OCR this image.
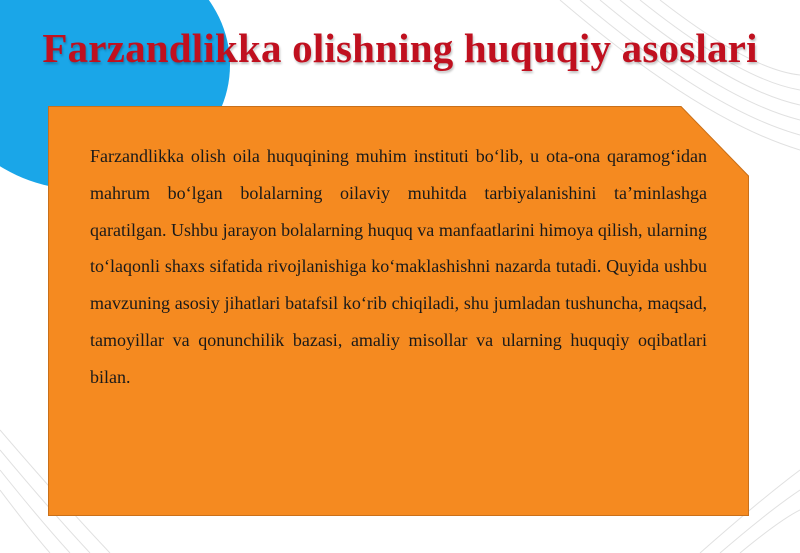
Farzandlikka olishning huquqiy asoslari

Farzandlikka olish oila huquqining muhim instituti bo‘lib, u ota-ona qaramog‘idan mahrum bo‘lgan bolalarning oilaviy muhitda tarbiyalanishini ta’minlashga qaratilgan. Ushbu jarayon bolalarning huquq va manfaatlarini himoya qilish, ularning to‘laqonli shaxs sifatida rivojlanishiga ko‘maklashishni nazarda tutadi. Quyida ushbu mavzuning asosiy jihatlari batafsil ko‘rib chiqiladi, shu jumladan tushuncha, maqsad, tamoyillar va qonunchilik bazasi, amaliy misollar va ularning huquqiy oqibatlari bilan.
